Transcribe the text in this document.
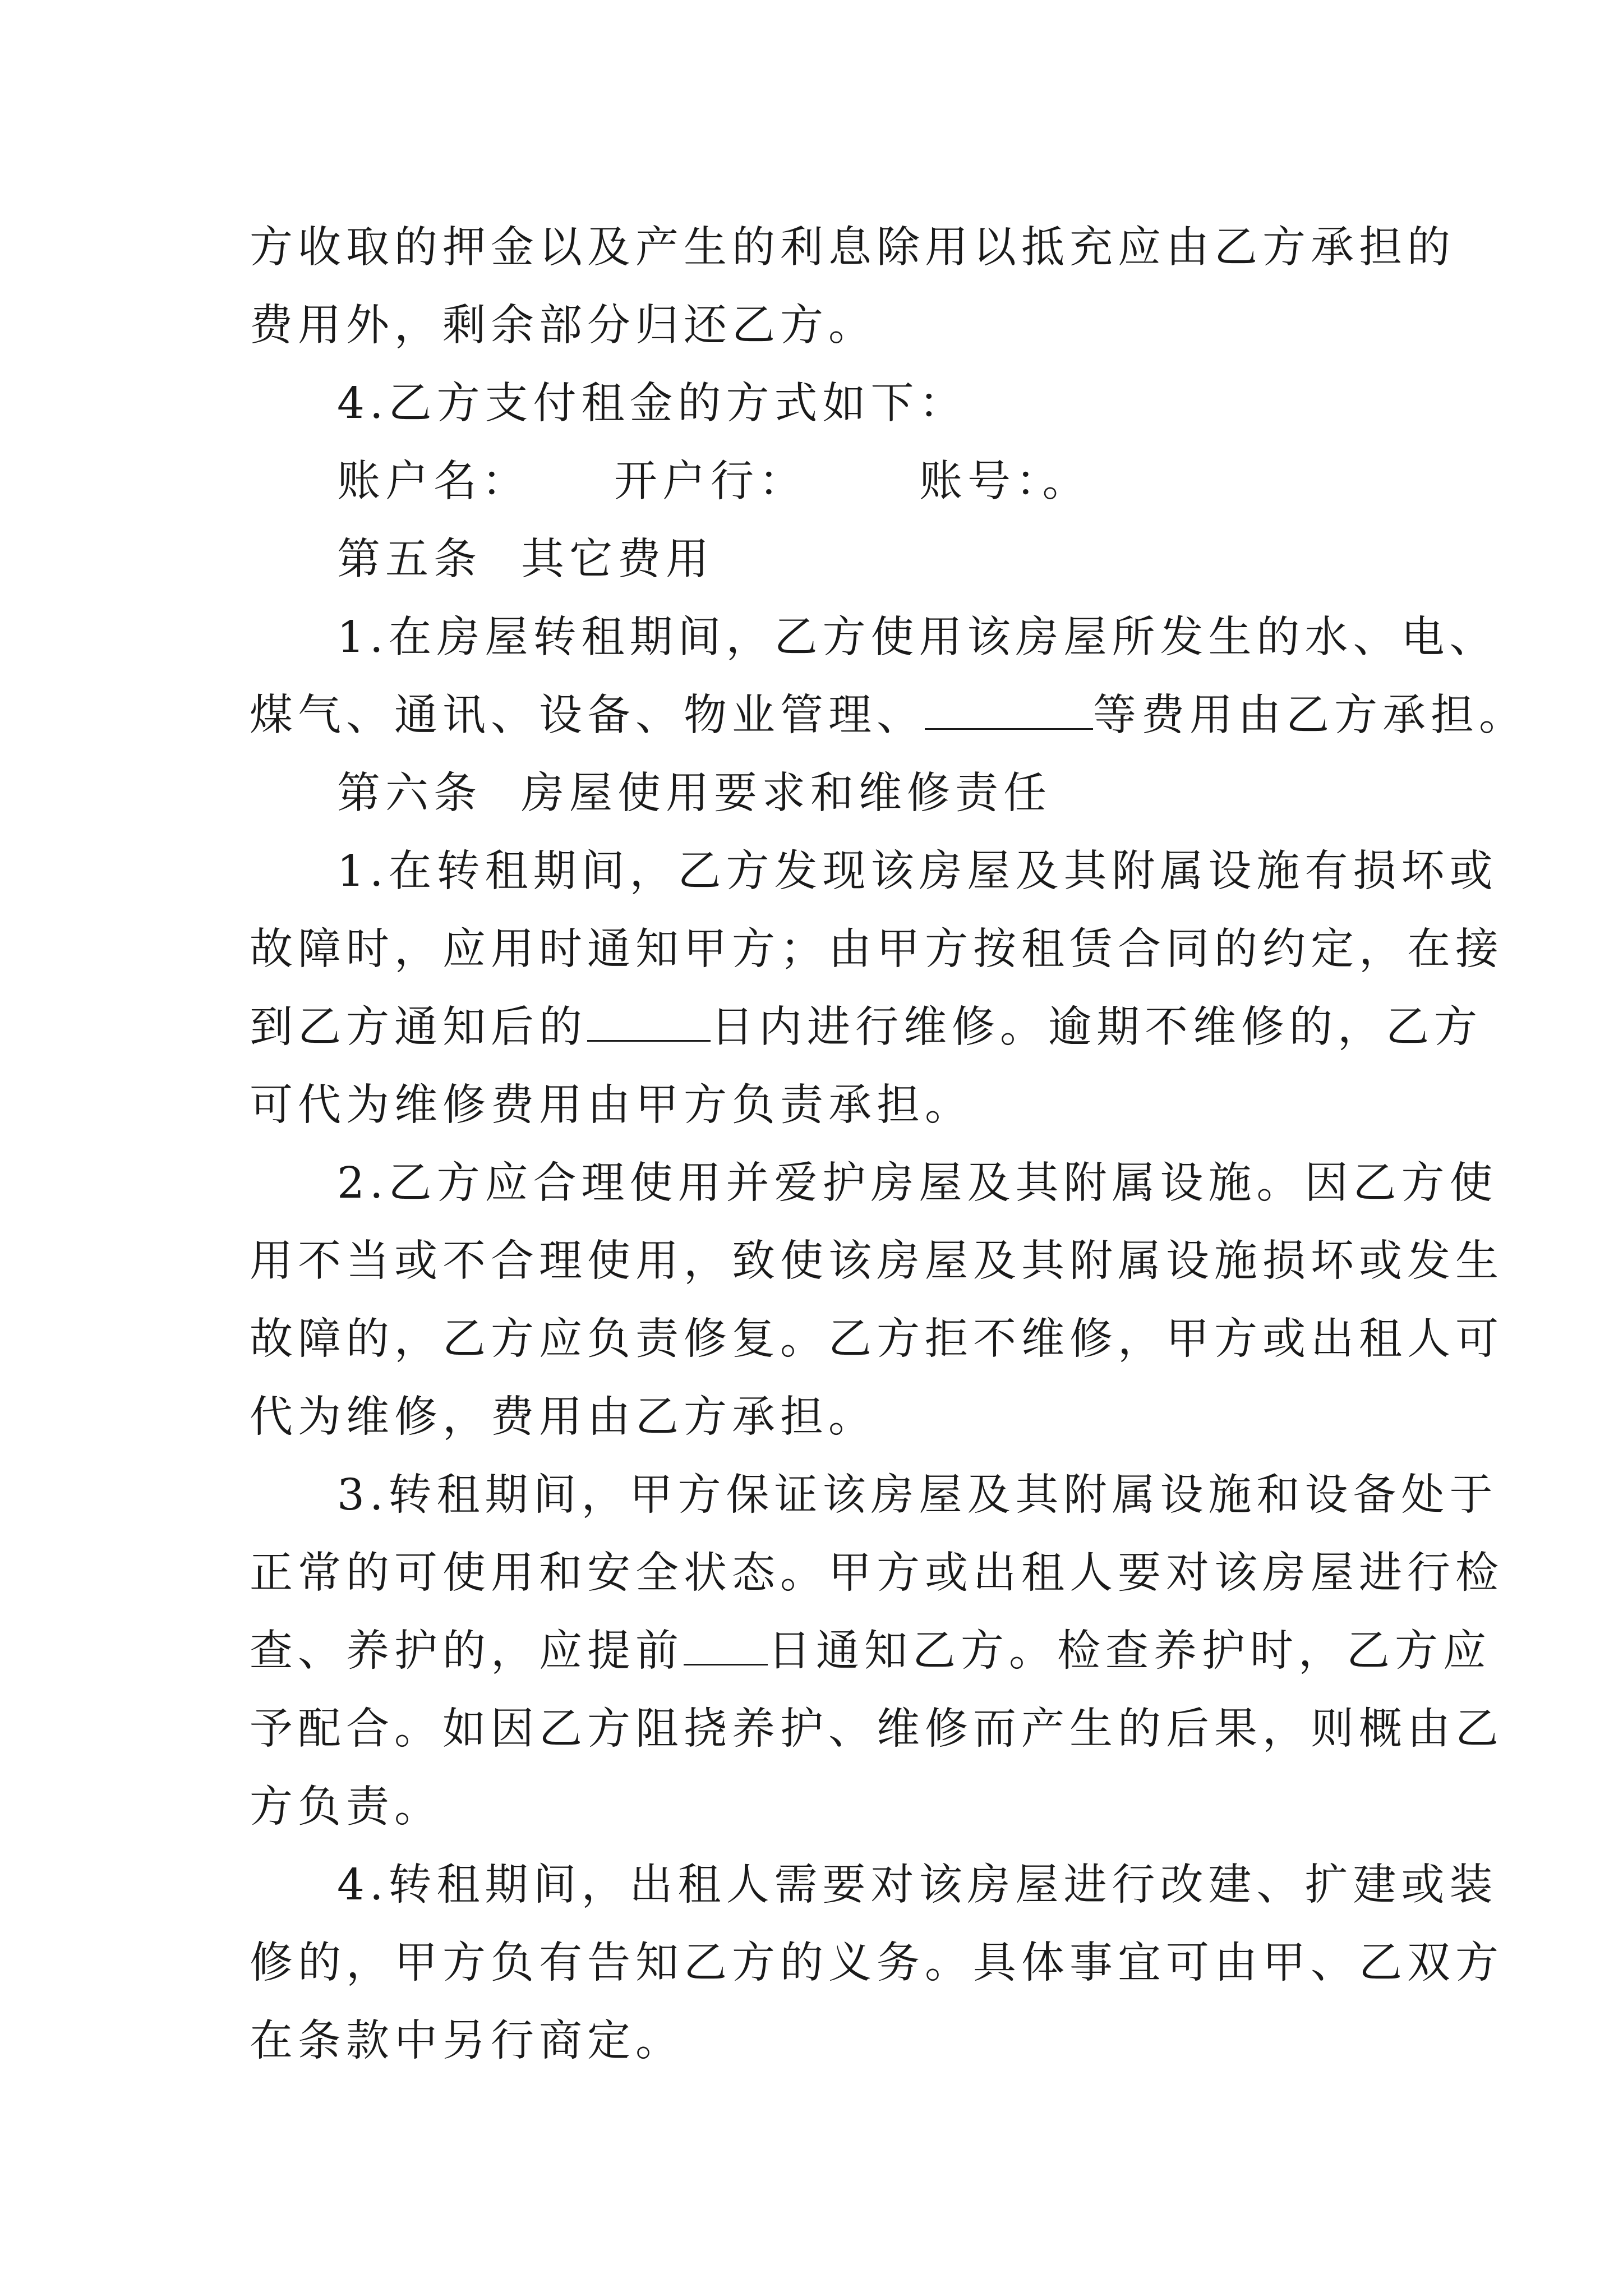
方收取的押金以及产生的利息除用以抵充应由乙方承担的
费用外，剩余部分归还乙方。
4.乙方支付租金的方式如下：
账户名： 开户行：	账号：。
第五条 其它费用
1.在房屋转租期间，乙方使用该房屋所发生的水、电、
煤气、通讯、设备、物业管理、	等费用由乙方承担。
第六条 房屋使用要求和维修责任
1.在转租期间，乙方发现该房屋及其附属设施有损坏或
故障时，应用时通知甲方；由甲方按租赁合同的约定，在接
到乙方通知后的	日内进行维修。逾期不维修的，乙方
可代为维修费用由甲方负责承担。
2.乙方应合理使用并爱护房屋及其附属设施。因乙方使
用不当或不合理使用，致使该房屋及其附属设施损坏或发生
故障的，乙方应负责修复。乙方拒不维修，甲方或出租人可
代为维修，费用由乙方承担。
3.转租期间，甲方保证该房屋及其附属设施和设备处于
正常的可使用和安全状态。甲方或出租人要对该房屋进行检
查、养护的，应提前 日通知乙方。检查养护时，乙方应
予配合。如因乙方阻挠养护、维修而产生的后果，则概由乙
方负责。
4.转租期间，出租人需要对该房屋进行改建、扩建或装
修的，甲方负有告知乙方的义务。具体事宜可由甲、乙双方
在条款中另行商定。
